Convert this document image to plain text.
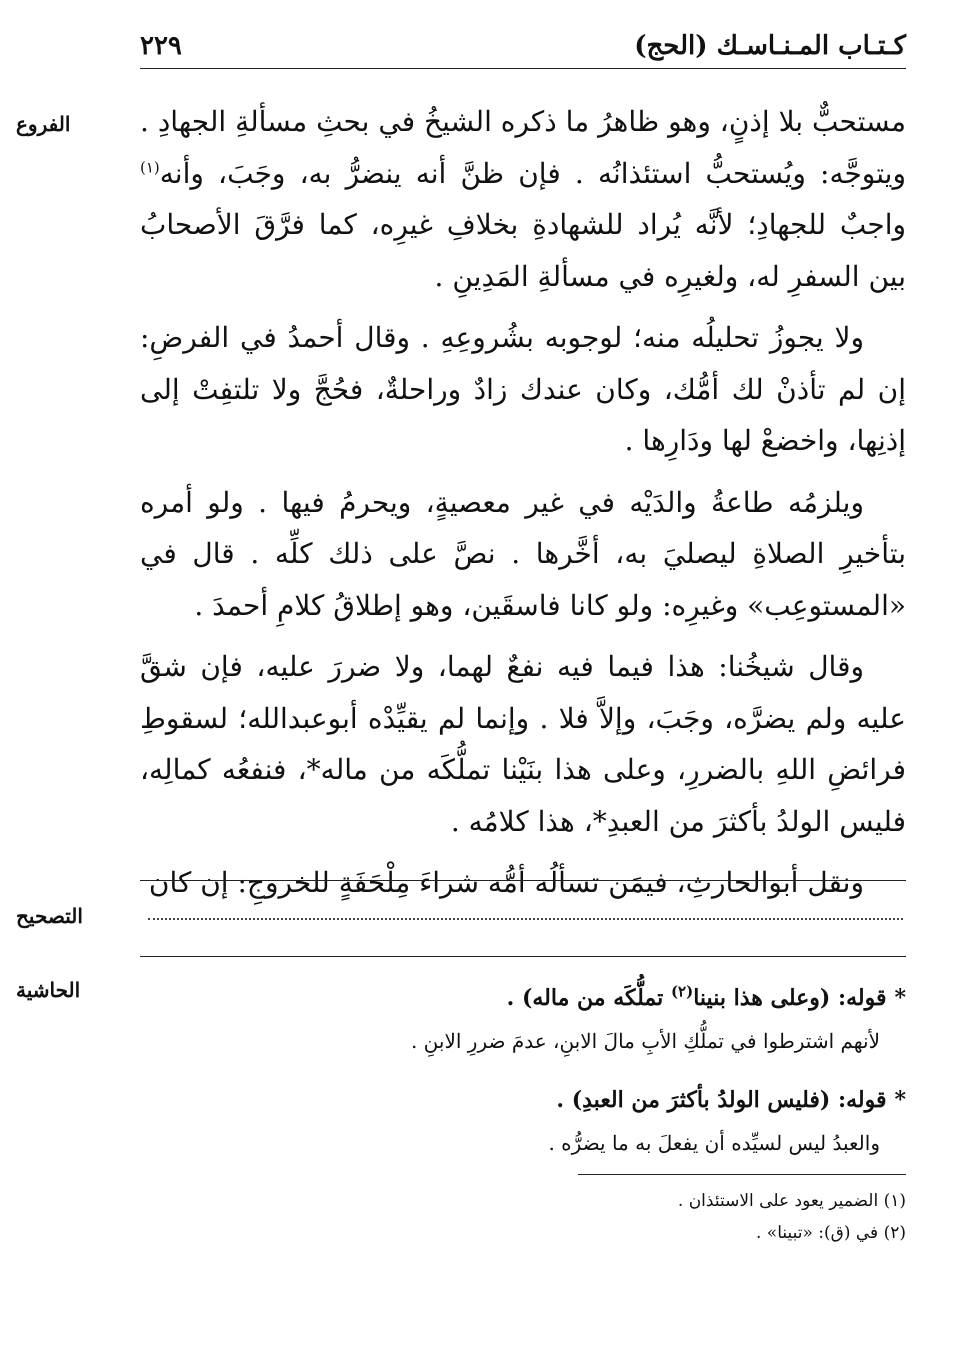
٢٢٩	كـتـاب المـنـاسـك (الحج)
الفروع
التصحيح
الحاشية

مستحبٌّ بلا إذنٍ، وهو ظاهرُ ما ذكره الشيخُ في بحثِ مسألةِ الجهادِ . ويتوجَّه: ويُستحبُّ استئذانُه . فإن ظنَّ أنه ينضرُّ به، وجَبَ، وأنه$^{(١)}$ واجبٌ للجهادِ؛ لأنَّه يُراد للشهادةِ بخلافِ غيرِه، كما فرَّقَ الأصحابُ بين السفرِ له، ولغيرِه في مسألةِ المَدِينِ .

ولا يجوزُ تحليلُه منه؛ لوجوبه بشُروعِهِ . وقال أحمدُ في الفرضِ: إن لم تأذنْ لك أمُّك، وكان عندك زادٌ وراحلةٌ، فحُجَّ ولا تلتفِتْ إلى إذنِها، واخضعْ لها ودَارِها .

ويلزمُه طاعةُ والدَيْه في غير معصيةٍ، ويحرمُ فيها . ولو أمره بتأخيرِ الصلاةِ ليصليَ به، أخَّرها . نصَّ على ذلك كلِّه . قال في «المستوعِب» وغيرِه: ولو كانا فاسقَين، وهو إطلاقُ كلامِ أحمدَ .

وقال شيخُنا: هذا فيما فيه نفعٌ لهما، ولا ضررَ عليه، فإن شقَّ عليه ولم يضرَّه، وجَبَ، وإلاَّ فلا . وإنما لم يقيِّدْه أبوعبدالله؛ لسقوطِ فرائضِ اللهِ بالضررِ، وعلى هذا بنَيْنا تملُّكَه من ماله*، فنفعُه كمالِه، فليس الولدُ بأكثرَ من العبدِ*، هذا كلامُه .

ونقل أبوالحارثِ، فيمَن تسألُه أمُّه شراءَ مِلْحَفَةٍ للخروجِ: إن كان

*قوله: (وعلى هذا بنينا$^{(٢)}$ تملُّكَه من ماله) .
لأنهم اشترطوا في تملُّكِ الأبِ مالَ الابنِ، عدمَ ضررِ الابنِ .
*قوله: (فليس الولدُ بأكثرَ من العبدِ) .
والعبدُ ليس لسيِّده أن يفعلَ به ما يضرُّه .
(١) الضمير يعود على الاستئذان .
(٢) في (ق): «تبينا» .
